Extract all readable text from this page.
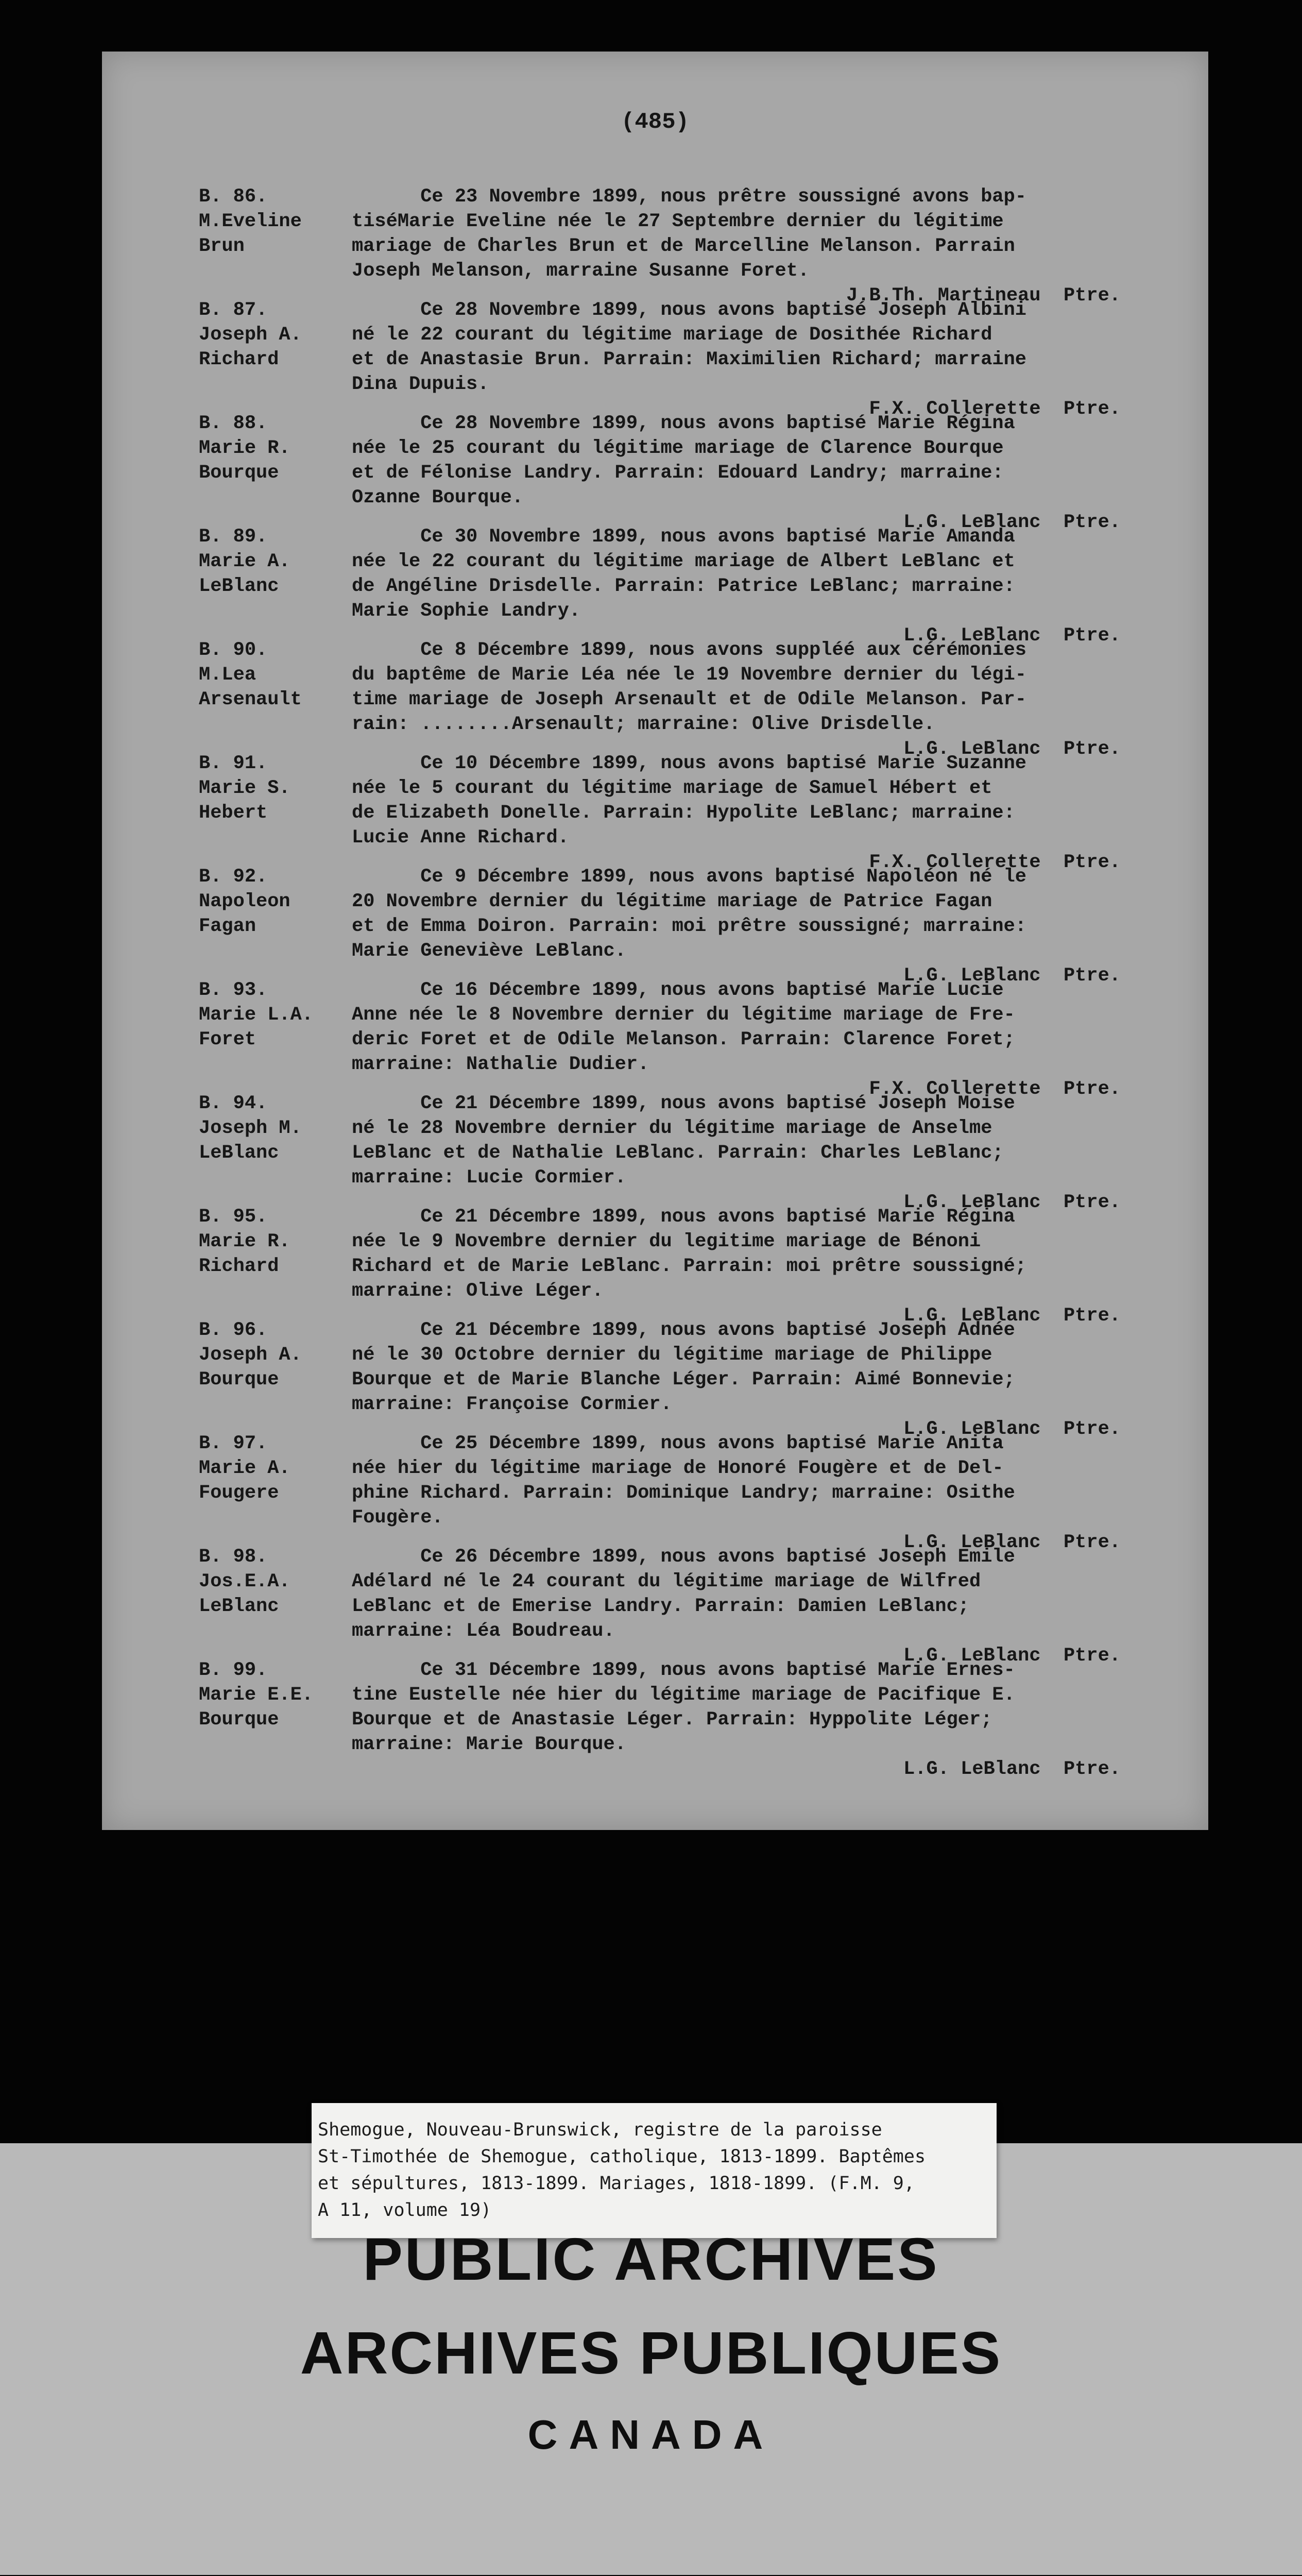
(485)
B. 86.
M.Eveline
Brun
Ce 23 Novembre 1899, nous prêtre soussigné avons bap-
tiséMarie Eveline née le 27 Septembre dernier du légitime
mariage de Charles Brun et de Marcelline Melanson. Parrain
Joseph Melanson, marraine Susanne Foret.
J.B.Th. Martineau  Ptre.
B. 87.
Joseph A.
Richard
Ce 28 Novembre 1899, nous avons baptisé Joseph Albini
né le 22 courant du légitime mariage de Dosithée Richard
et de Anastasie Brun. Parrain: Maximilien Richard; marraine
Dina Dupuis.
F.X. Collerette  Ptre.
B. 88.
Marie R.
Bourque
Ce 28 Novembre 1899, nous avons baptisé Marie Régina
née le 25 courant du légitime mariage de Clarence Bourque
et de Félonise Landry. Parrain: Edouard Landry; marraine:
Ozanne Bourque.
L.G. LeBlanc  Ptre.
B. 89.
Marie A.
LeBlanc
Ce 30 Novembre 1899, nous avons baptisé Marie Amanda
née le 22 courant du légitime mariage de Albert LeBlanc et
de Angéline Drisdelle. Parrain: Patrice LeBlanc; marraine:
Marie Sophie Landry.
L.G. LeBlanc  Ptre.
B. 90.
M.Lea
Arsenault
Ce 8 Décembre 1899, nous avons suppléé aux cérémonies
du baptême de Marie Léa née le 19 Novembre dernier du légi-
time mariage de Joseph Arsenault et de Odile Melanson. Par-
rain: ........Arsenault; marraine: Olive Drisdelle.
L.G. LeBlanc  Ptre.
B. 91.
Marie S.
Hebert
Ce 10 Décembre 1899, nous avons baptisé Marie Suzanne
née le 5 courant du légitime mariage de Samuel Hébert et
de Elizabeth Donelle. Parrain: Hypolite LeBlanc; marraine:
Lucie Anne Richard.
F.X. Collerette  Ptre.
B. 92.
Napoleon
Fagan
Ce 9 Décembre 1899, nous avons baptisé Napoléon né le
20 Novembre dernier du légitime mariage de Patrice Fagan
et de Emma Doiron. Parrain: moi prêtre soussigné; marraine:
Marie Geneviève LeBlanc.
L.G. LeBlanc  Ptre.
B. 93.
Marie L.A.
Foret
Ce 16 Décembre 1899, nous avons baptisé Marie Lucie
Anne née le 8 Novembre dernier du légitime mariage de Fre-
deric Foret et de Odile Melanson. Parrain: Clarence Foret;
marraine: Nathalie Dudier.
F.X. Collerette  Ptre.
B. 94.
Joseph M.
LeBlanc
Ce 21 Décembre 1899, nous avons baptisé Joseph Moise
né le 28 Novembre dernier du légitime mariage de Anselme
LeBlanc et de Nathalie LeBlanc. Parrain: Charles LeBlanc;
marraine: Lucie Cormier.
L.G. LeBlanc  Ptre.
B. 95.
Marie R.
Richard
Ce 21 Décembre 1899, nous avons baptisé Marie Régina
née le 9 Novembre dernier du legitime mariage de Bénoni
Richard et de Marie LeBlanc. Parrain: moi prêtre soussigné;
marraine: Olive Léger.
L.G. LeBlanc  Ptre.
B. 96.
Joseph A.
Bourque
Ce 21 Décembre 1899, nous avons baptisé Joseph Adnée
né le 30 Octobre dernier du légitime mariage de Philippe
Bourque et de Marie Blanche Léger. Parrain: Aimé Bonnevie;
marraine: Françoise Cormier.
L.G. LeBlanc  Ptre.
B. 97.
Marie A.
Fougere
Ce 25 Décembre 1899, nous avons baptisé Marie Anita
née hier du légitime mariage de Honoré Fougère et de Del-
phine Richard. Parrain: Dominique Landry; marraine: Osithe
Fougère.
L.G. LeBlanc  Ptre.
B. 98.
Jos.E.A.
LeBlanc
Ce 26 Décembre 1899, nous avons baptisé Joseph Emile
Adélard né le 24 courant du légitime mariage de Wilfred
LeBlanc et de Emerise Landry. Parrain: Damien LeBlanc;
marraine: Léa Boudreau.
L.G. LeBlanc  Ptre.
B. 99.
Marie E.E.
Bourque
Ce 31 Décembre 1899, nous avons baptisé Marie Ernes-
tine Eustelle née hier du légitime mariage de Pacifique E.
Bourque et de Anastasie Léger. Parrain: Hyppolite Léger;
marraine: Marie Bourque.
L.G. LeBlanc  Ptre.
Shemogue, Nouveau-Brunswick, registre de la paroisse
St-Timothée de Shemogue, catholique, 1813-1899. Baptêmes
et sépultures, 1813-1899. Mariages, 1818-1899. (F.M. 9,
A 11, volume 19)
PUBLIC ARCHIVES
ARCHIVES PUBLIQUES
CANADA
